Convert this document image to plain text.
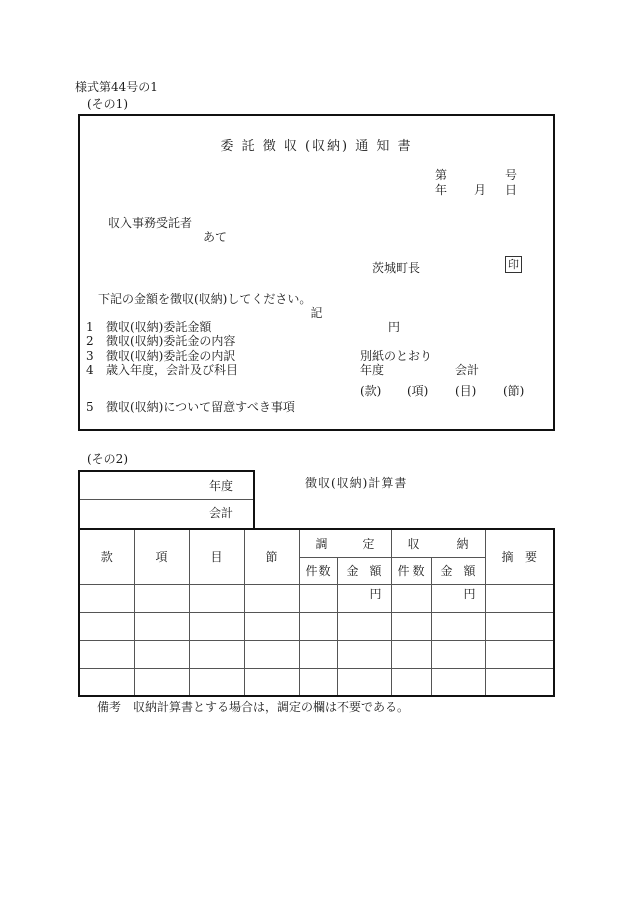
様式第44号の1
(その1)
委 託 徴 収 (収納) 通 知 書
第	号
年 月 日
収入事務受託者
あて
茨城町長	印
下記の金額を徴収(収納)してください。
記
1 徴収(収納)委託金額	円
2 徴収(収納)委託金の内容
3 徴収(収納)委託金の内訳	別紙のとおり
4 歳入年度，会計及び科目	年度	会計
(款) (項) (目) (節)
5 徴収(収納)について留意すべき事項
(その2)
年度
会計
徴収(収納)計算書
款	項	目	節	調定		収納		摘要
				件数	金額	件数	金額	
					円		円	

備考 収納計算書とする場合は，調定の欄は不要である。
